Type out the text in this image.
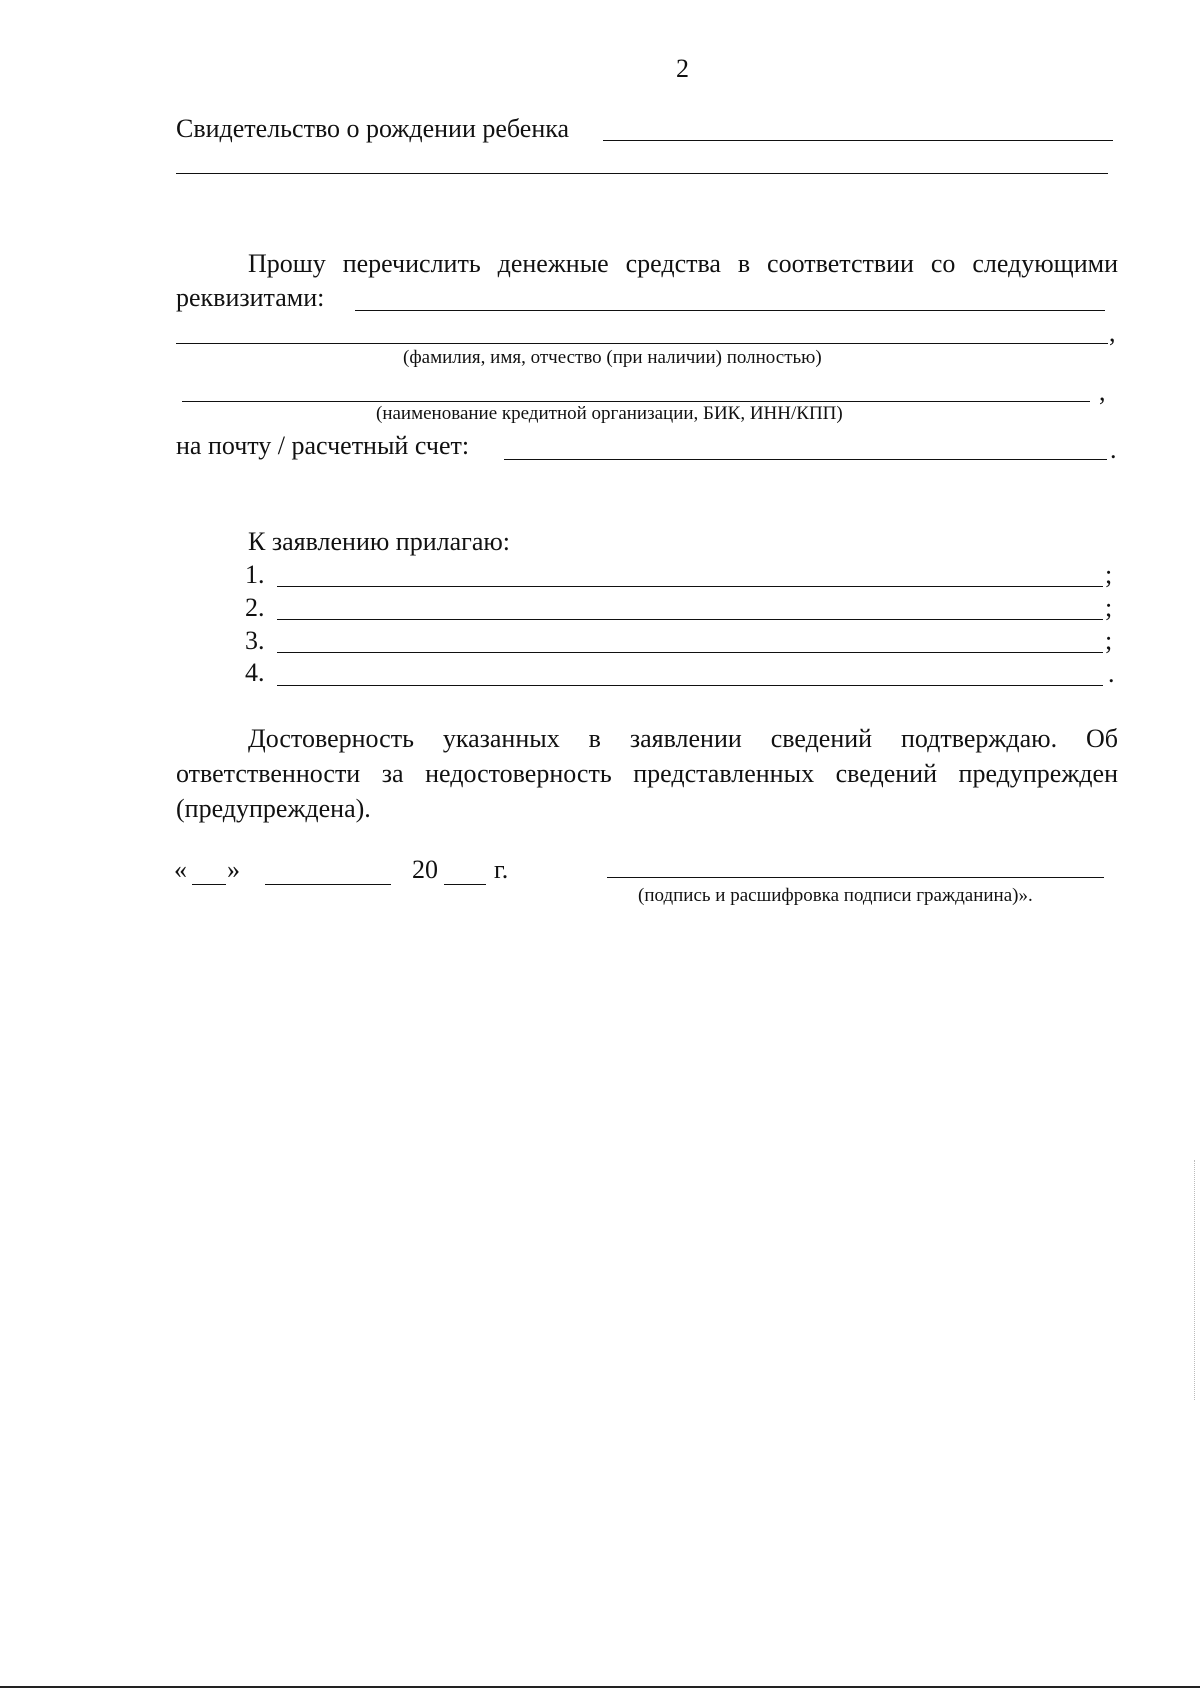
2
Свидетельство о рождении ребенка
Прошу перечислить денежные средства в соответствии со следующими
реквизитами:
,
(фамилия, имя, отчество (при наличии) полностью)
,
(наименование кредитной организации, БИК, ИНН/КПП)
на почту / расчетный счет:	.
К заявлению прилагаю:
1.	;
2.	;
3.	;
4.	.
Достоверность указанных в заявлении сведений подтверждаю. Об
ответственности за недостоверность представленных сведений предупрежден
(предупреждена).
« »	20 г.
(подпись и расшифровка подписи гражданина)».
